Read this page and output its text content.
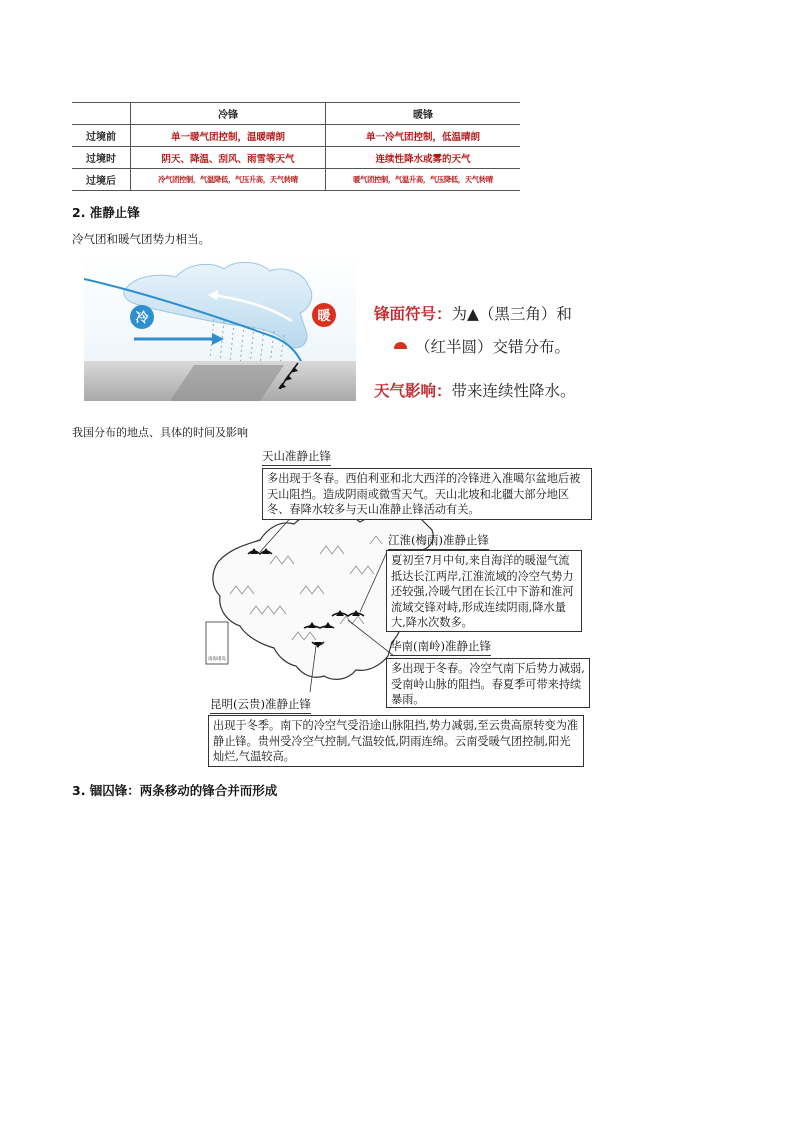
	冷锋	暖锋
过境前	单一暖气团控制，温暖晴朗	单一冷气团控制，低温晴朗
过境时	阴天、降温、刮风、雨雪等天气	连续性降水或雾的天气
过境后	冷气团控制，气温降低，气压升高，天气转晴	暖气团控制，气温升高，气压降低，天气转晴
2. 准静止锋
冷气团和暖气团势力相当。
冷	暖	锋面符号：为▲（黑三角）和
（红半圆）交错分布。
天气影响：带来连续性降水。
我国分布的地点、具体的时间及影响
南海诸岛
天山准静止锋
多出现于冬春。西伯利亚和北大西洋的冷锋进入准噶尔盆地后被天山阻挡。造成阴雨或微雪天气。天山北坡和北疆大部分地区冬、春降水较多与天山准静止锋活动有关。
江淮(梅雨)准静止锋
夏初至7月中旬,来自海洋的暖湿气流抵达长江两岸,江淮流域的冷空气势力还较强,冷暖气团在长江中下游和淮河流域交锋对峙,形成连续阴雨,降水量大,降水次数多。
华南(南岭)准静止锋
多出现于冬春。冷空气南下后势力减弱,受南岭山脉的阻挡。春夏季可带来持续暴雨。
昆明(云贵)准静止锋
出现于冬季。南下的冷空气受沿途山脉阻挡,势力减弱,至云贵高原转变为准静止锋。贵州受冷空气控制,气温较低,阴雨连绵。云南受暖气团控制,阳光灿烂,气温较高。
3. 锢囚锋：两条移动的锋合并而形成
